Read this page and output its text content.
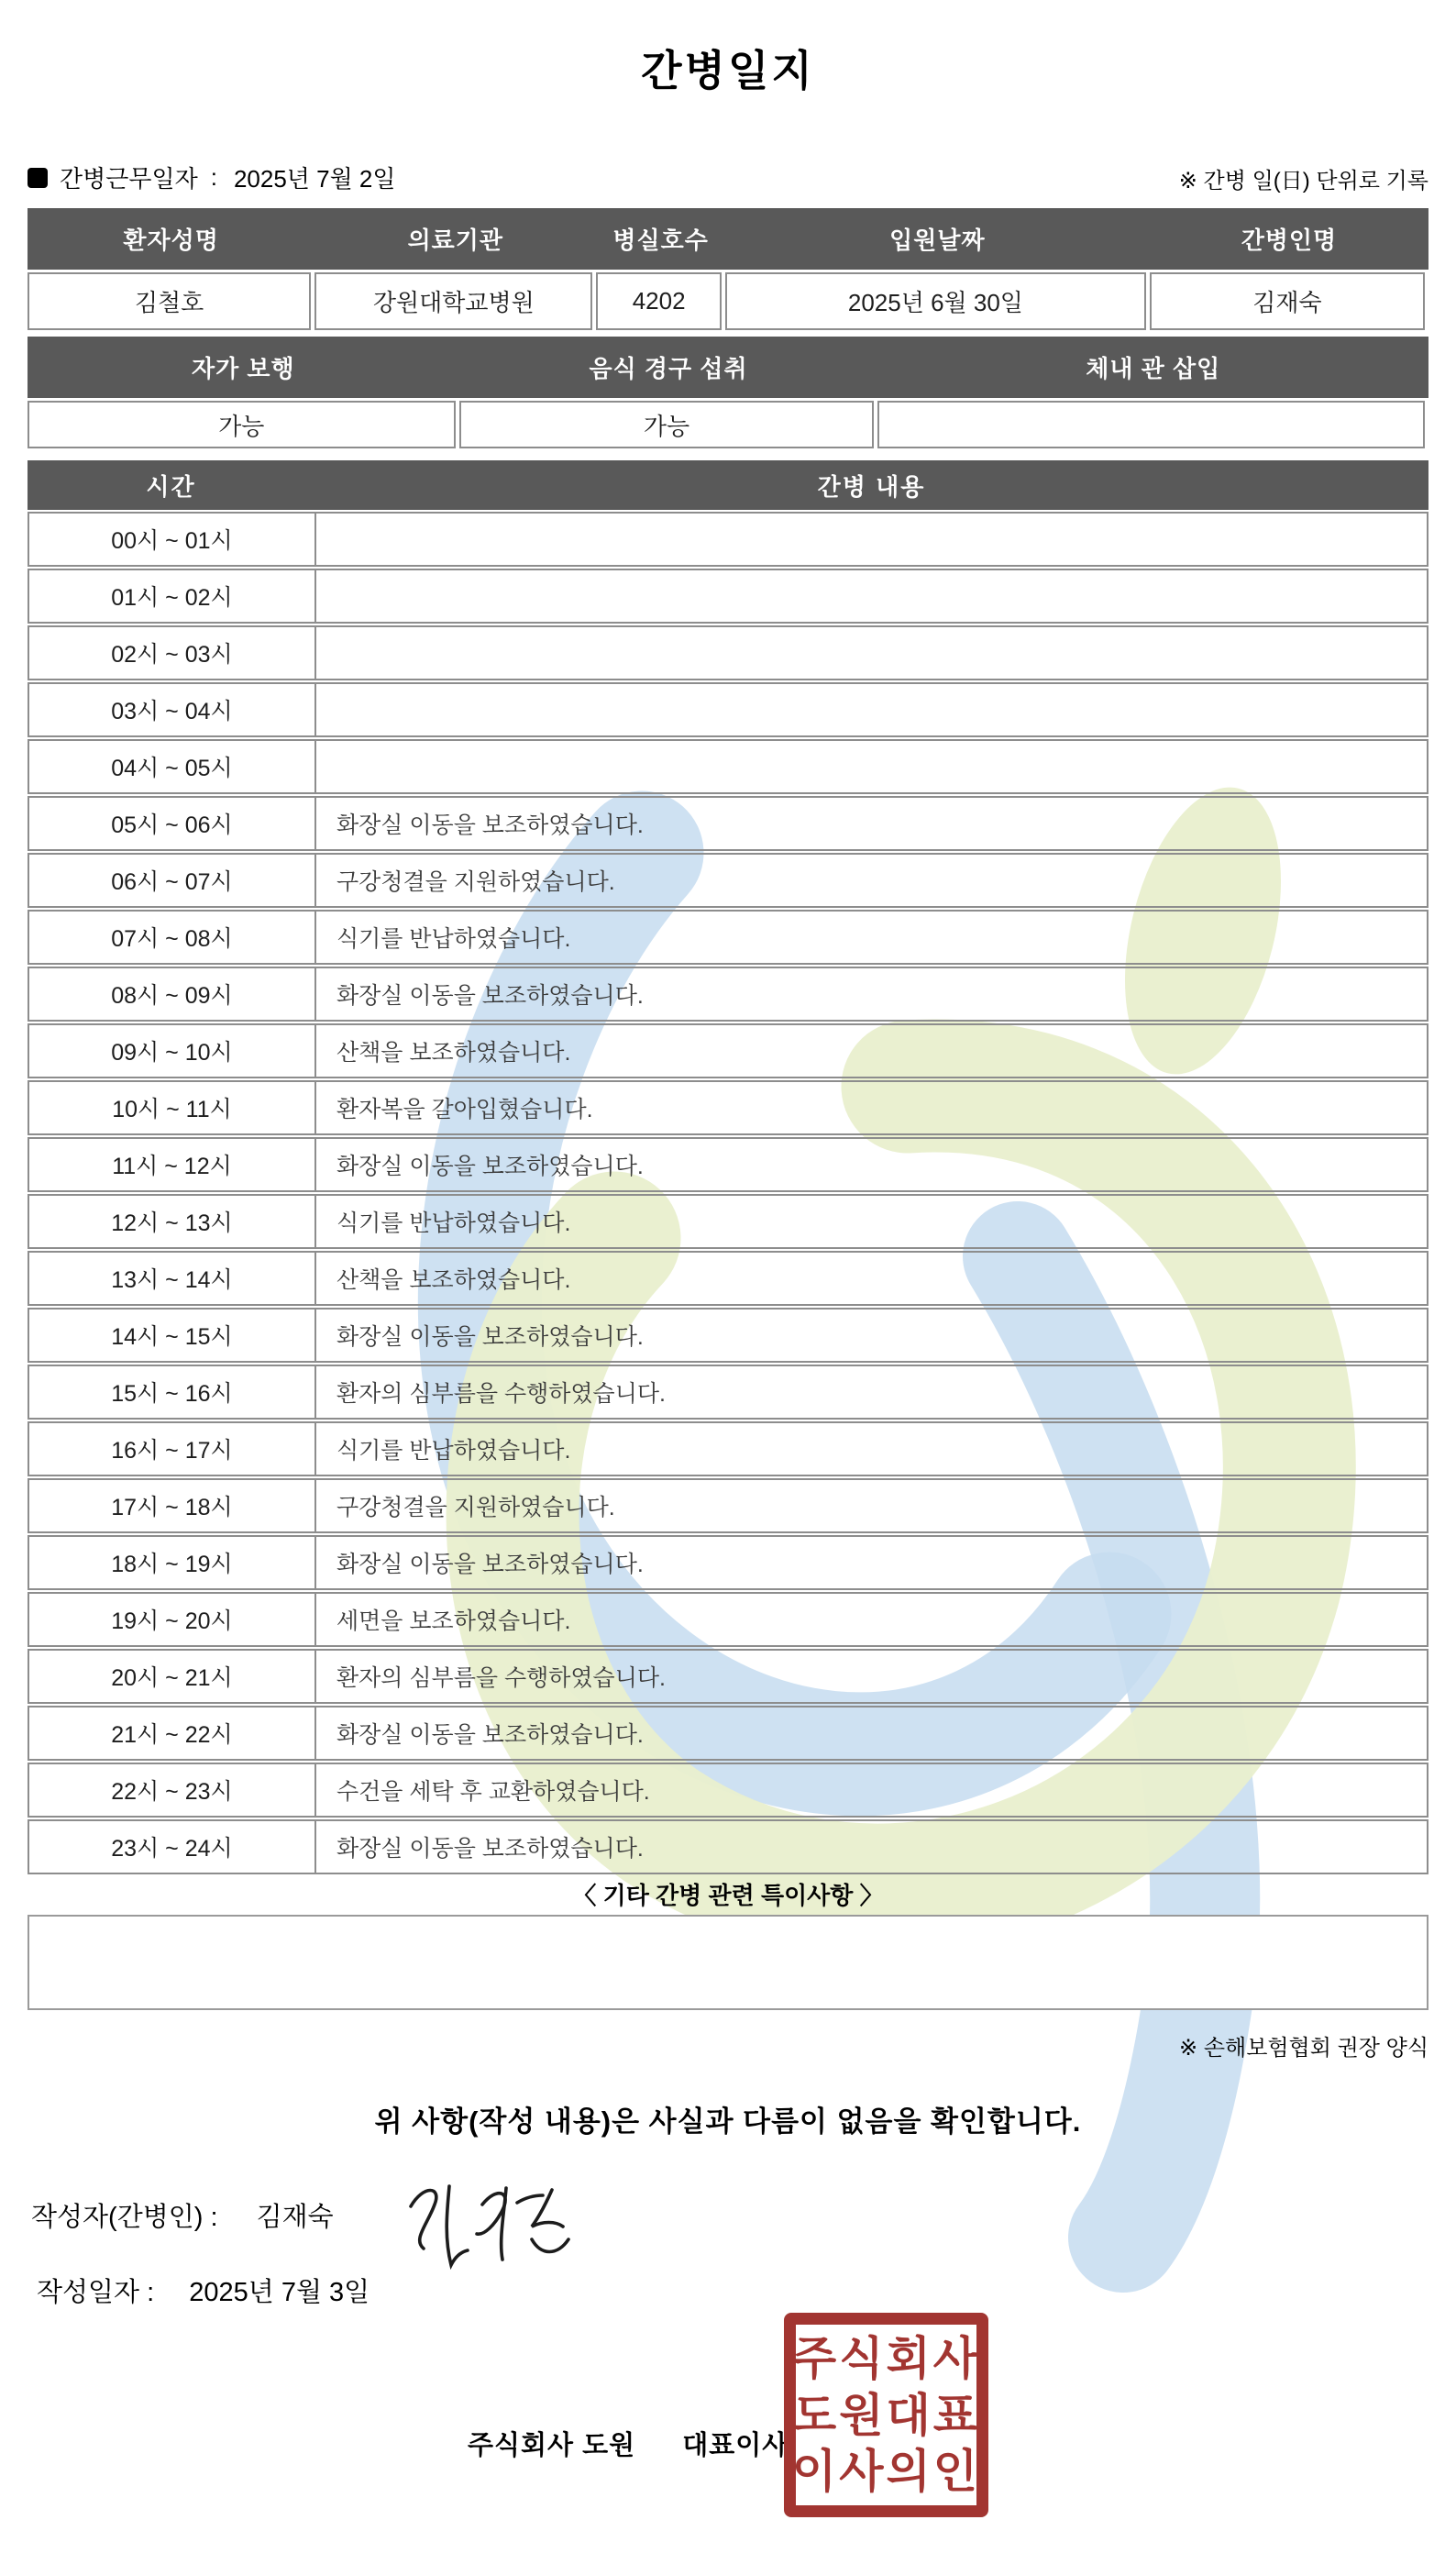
간병일지
간병근무일자 : 2025년 7월 2일	※ 간병 일(日) 단위로 기록
환자성명	의료기관	병실호수	입원날짜	간병인명
김철호	강원대학교병원	4202	2025년 6월 30일	김재숙
자가 보행	음식 경구 섭취	체내 관 삽입
가능	가능
시간	간병 내용
00시 ~ 01시
01시 ~ 02시
02시 ~ 03시
03시 ~ 04시
04시 ~ 05시
05시 ~ 06시	화장실 이동을 보조하였습니다.
06시 ~ 07시	구강청결을 지원하였습니다.
07시 ~ 08시	식기를 반납하였습니다.
08시 ~ 09시	화장실 이동을 보조하였습니다.
09시 ~ 10시	산책을 보조하였습니다.
10시 ~ 11시	환자복을 갈아입혔습니다.
11시 ~ 12시	화장실 이동을 보조하였습니다.
12시 ~ 13시	식기를 반납하였습니다.
13시 ~ 14시	산책을 보조하였습니다.
14시 ~ 15시	화장실 이동을 보조하였습니다.
15시 ~ 16시	환자의 심부름을 수행하였습니다.
16시 ~ 17시	식기를 반납하였습니다.
17시 ~ 18시	구강청결을 지원하였습니다.
18시 ~ 19시	화장실 이동을 보조하였습니다.
19시 ~ 20시	세면을 보조하였습니다.
20시 ~ 21시	환자의 심부름을 수행하였습니다.
21시 ~ 22시	화장실 이동을 보조하였습니다.
22시 ~ 23시	수건을 세탁 후 교환하였습니다.
23시 ~ 24시	화장실 이동을 보조하였습니다.
〈 기타 간병 관련 특이사항 〉
※ 손해보험협회 권장 양식
위 사항(작성 내용)은 사실과 다름이 없음을 확인합니다.
작성자(간병인) : 김재숙
작성일자 : 2025년 7월 3일
주식회사 도원 대표이사
주식회사
도원대표
이사의인
